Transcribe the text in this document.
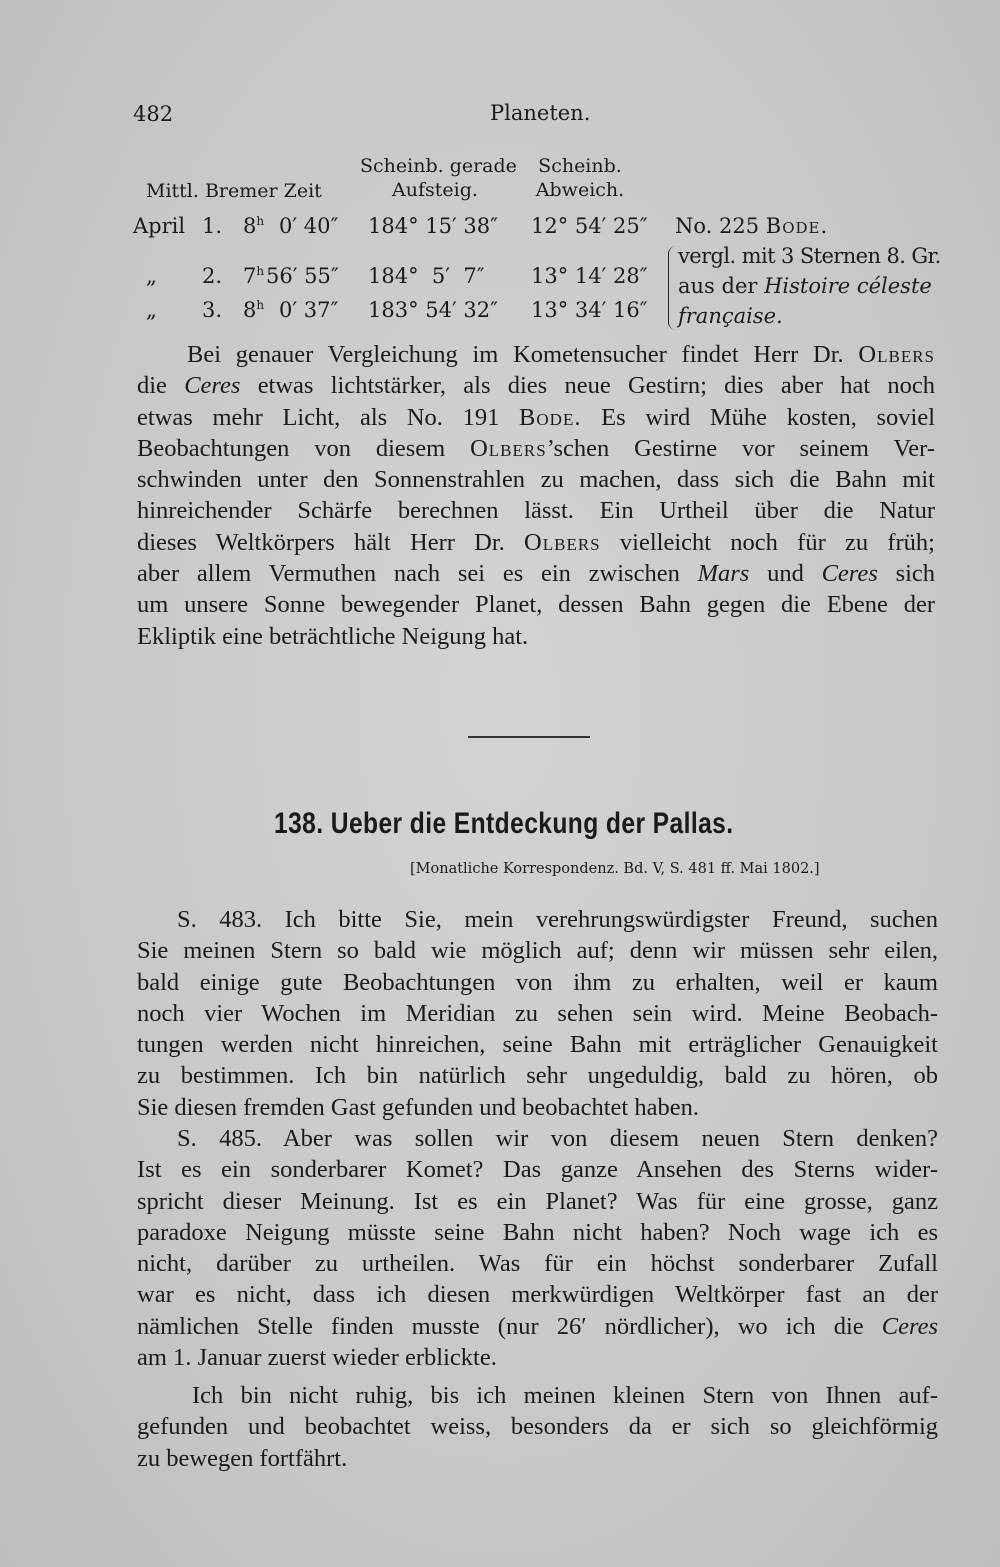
482	Planeten.
Mittl. Bremer Zeit
Scheinb. gerade
Aufsteig.
Scheinb.
Abweich.
April 1. 8$^h$ 0′ 40″ 184° 15′ 38″ 12° 54′ 25″ No. 225 Bode.
„ 2. 7$^h$ 56′ 55″ 184°  5′  7″ 13° 14′ 28″
„ 3. 8$^h$ 0′ 37″ 183° 54′ 32″ 13° 34′ 16″
vergl. mit 3 Sternen 8. Gr.
aus der Histoire céleste
française.
Bei genauer Vergleichung im Kometensucher findet Herr Dr. Olbers
die Ceres etwas lichtstärker, als dies neue Gestirn; dies aber hat noch
etwas mehr Licht, als No. 191 Bode. Es wird Mühe kosten, soviel
Beobachtungen von diesem Olbers’schen Gestirne vor seinem Ver-
schwinden unter den Sonnenstrahlen zu machen, dass sich die Bahn mit
hinreichender Schärfe berechnen lässt. Ein Urtheil über die Natur
dieses Weltkörpers hält Herr Dr. Olbers vielleicht noch für zu früh;
aber allem Vermuthen nach sei es ein zwischen Mars und Ceres sich
um unsere Sonne bewegender Planet, dessen Bahn gegen die Ebene der
Ekliptik eine beträchtliche Neigung hat.
138. Ueber die Entdeckung der Pallas.
[Monatliche Korrespondenz. Bd. V, S. 481 ff. Mai 1802.]
S. 483. Ich bitte Sie, mein verehrungswürdigster Freund, suchen
Sie meinen Stern so bald wie möglich auf; denn wir müssen sehr eilen,
bald einige gute Beobachtungen von ihm zu erhalten, weil er kaum
noch vier Wochen im Meridian zu sehen sein wird. Meine Beobach-
tungen werden nicht hinreichen, seine Bahn mit erträglicher Genauigkeit
zu bestimmen. Ich bin natürlich sehr ungeduldig, bald zu hören, ob
Sie diesen fremden Gast gefunden und beobachtet haben.
S. 485. Aber was sollen wir von diesem neuen Stern denken?
Ist es ein sonderbarer Komet? Das ganze Ansehen des Sterns wider-
spricht dieser Meinung. Ist es ein Planet? Was für eine grosse, ganz
paradoxe Neigung müsste seine Bahn nicht haben? Noch wage ich es
nicht, darüber zu urtheilen. Was für ein höchst sonderbarer Zufall
war es nicht, dass ich diesen merkwürdigen Weltkörper fast an der
nämlichen Stelle finden musste (nur 26′ nördlicher), wo ich die Ceres
am 1. Januar zuerst wieder erblickte.
Ich bin nicht ruhig, bis ich meinen kleinen Stern von Ihnen auf-
gefunden und beobachtet weiss, besonders da er sich so gleichförmig
zu bewegen fortfährt.
